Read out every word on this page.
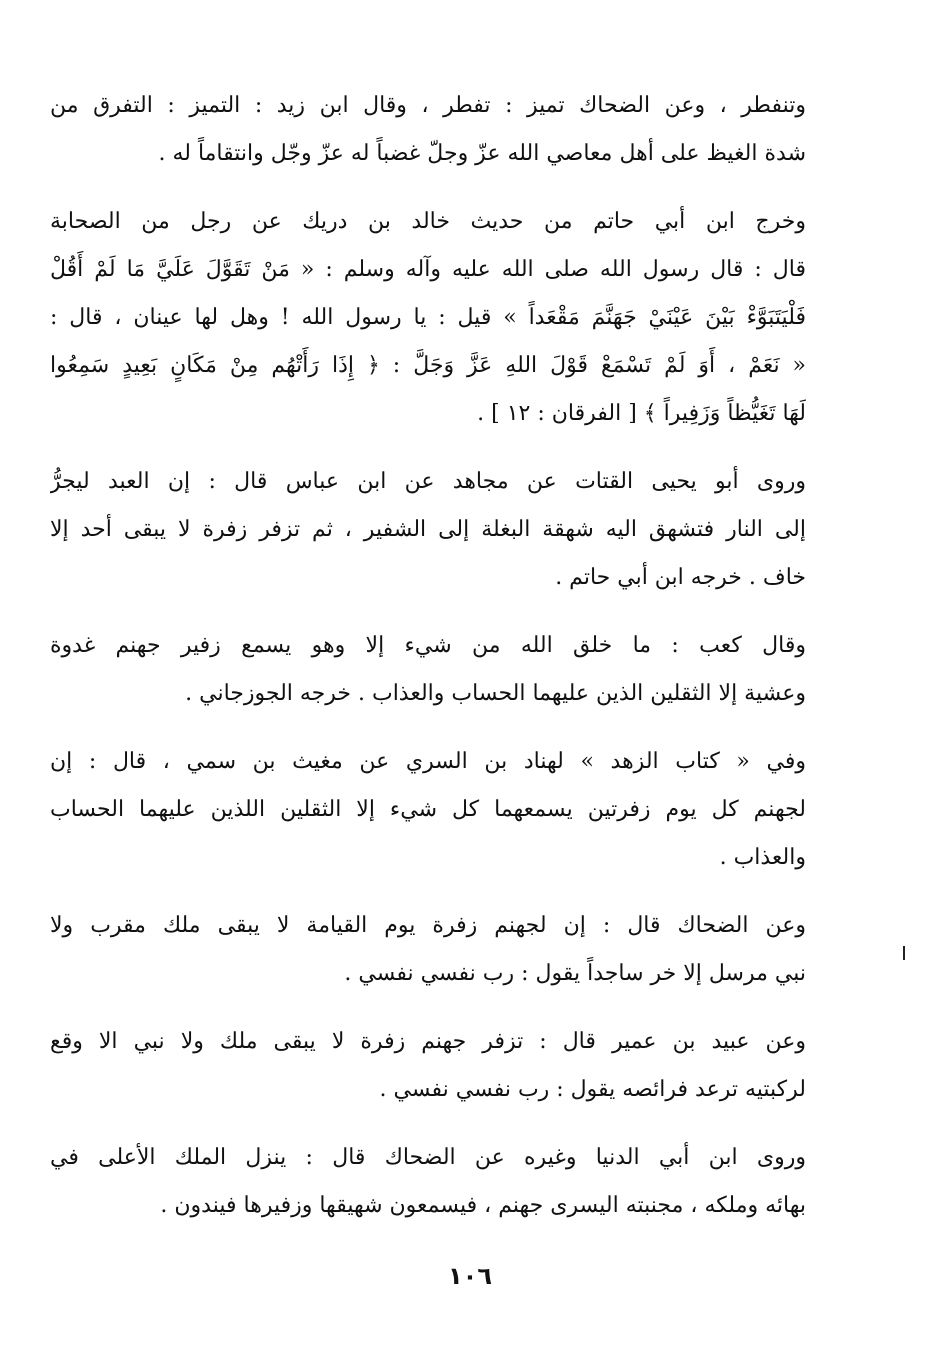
وتنفطر ، وعن الضحاك تميز : تفطر ، وقال ابن زيد : التميز : التفرق من
شدة الغيظ على أهل معاصي الله عزّ وجلّ غضباً له عزّ وجّل وانتقاماً له .
وخرج ابن أبي حاتم من حديث خالد بن دريك عن رجل من الصحابة
قال : قال رسول الله صلى الله عليه وآله وسلم : « مَنْ تَقَوَّلَ عَلَيَّ مَا لَمْ أَقُلْ
فَلْيَتَبَوَّءْ بَيْنَ عَيْنَيْ جَهَنَّمَ مَقْعَداً » قيل : يا رسول الله ! وهل لها عينان ، قال :
« نَعَمْ ، أَوَ لَمْ تَسْمَعْ قَوْلَ اللهِ عَزَّ وَجَلَّ : ﴿ إِذَا رَأَتْهُم مِنْ مَكَانٍ بَعِيدٍ سَمِعُوا
لَهَا تَغَيُّظاً وَزَفِيراً ﴾ [ الفرقان : ١٢ ] .
وروى أبو يحيى القتات عن مجاهد عن ابن عباس قال : إن العبد ليجرُّ
إلى النار فتشهق اليه شهقة البغلة إلى الشفير ، ثم تزفر زفرة لا يبقى أحد إلا
خاف . خرجه ابن أبي حاتم .
وقال كعب : ما خلق الله من شيء إلا وهو يسمع زفير جهنم غدوة
وعشية إلا الثقلين الذين عليهما الحساب والعذاب . خرجه الجوزجاني .
وفي « كتاب الزهد » لهناد بن السري عن مغيث بن سمي ، قال : إن
لجهنم كل يوم زفرتين يسمعهما كل شيء إلا الثقلين اللذين عليهما الحساب
والعذاب .
وعن الضحاك قال : إن لجهنم زفرة يوم القيامة لا يبقى ملك مقرب ولا
نبي مرسل إلا خر ساجداً يقول : رب نفسي نفسي .
وعن عبيد بن عمير قال : تزفر جهنم زفرة لا يبقى ملك ولا نبي الا وقع
لركبتيه ترعد فرائصه يقول : رب نفسي نفسي .
وروى ابن أبي الدنيا وغيره عن الضحاك قال : ينزل الملك الأعلى في
بهائه وملكه ، مجنبته اليسرى جهنم ، فيسمعون شهيقها وزفيرها فيندون .
١٠٦
